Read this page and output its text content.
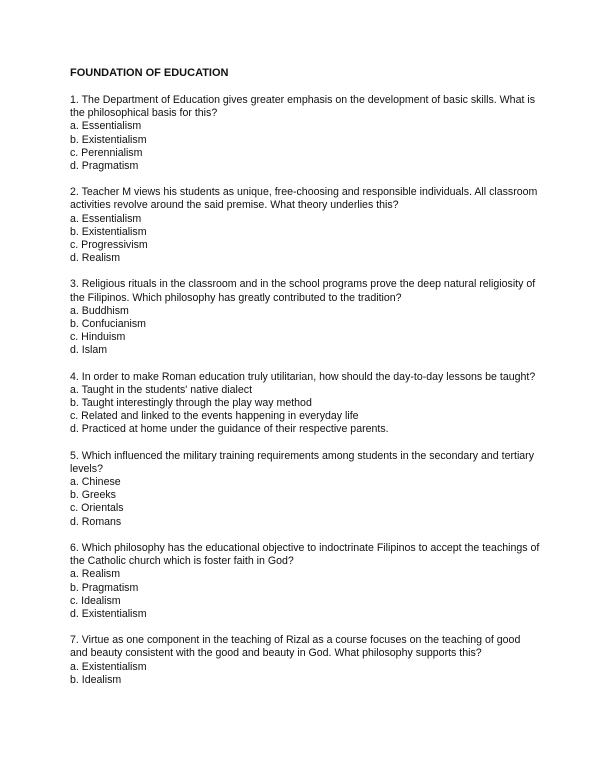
FOUNDATION OF EDUCATION
1. The Department of Education gives greater emphasis on the development of basic skills. What is the philosophical basis for this?
a. Essentialism
b. Existentialism
c. Perennialism
d. Pragmatism
2. Teacher M views his students as unique, free-choosing and responsible individuals. All classroom activities revolve around the said premise. What theory underlies this?
a. Essentialism
b. Existentialism
c. Progressivism
d. Realism
3. Religious rituals in the classroom and in the school programs prove the deep natural religiosity of the Filipinos. Which philosophy has greatly contributed to the tradition?
a. Buddhism
b. Confucianism
c. Hinduism
d. Islam
4. In order to make Roman education truly utilitarian, how should the day-to-day lessons be taught?
a. Taught in the students' native dialect
b. Taught interestingly through the play way method
c. Related and linked to the events happening in everyday life
d. Practiced at home under the guidance of their respective parents.
5. Which influenced the military training requirements among students in the secondary and tertiary levels?
a. Chinese
b. Greeks
c. Orientals
d. Romans
6. Which philosophy has the educational objective to indoctrinate Filipinos to accept the teachings of the Catholic church which is foster faith in God?
a. Realism
b. Pragmatism
c. Idealism
d. Existentialism
7. Virtue as one component in the teaching of Rizal as a course focuses on the teaching of good and beauty consistent with the good and beauty in God. What philosophy supports this?
a. Existentialism
b. Idealism
